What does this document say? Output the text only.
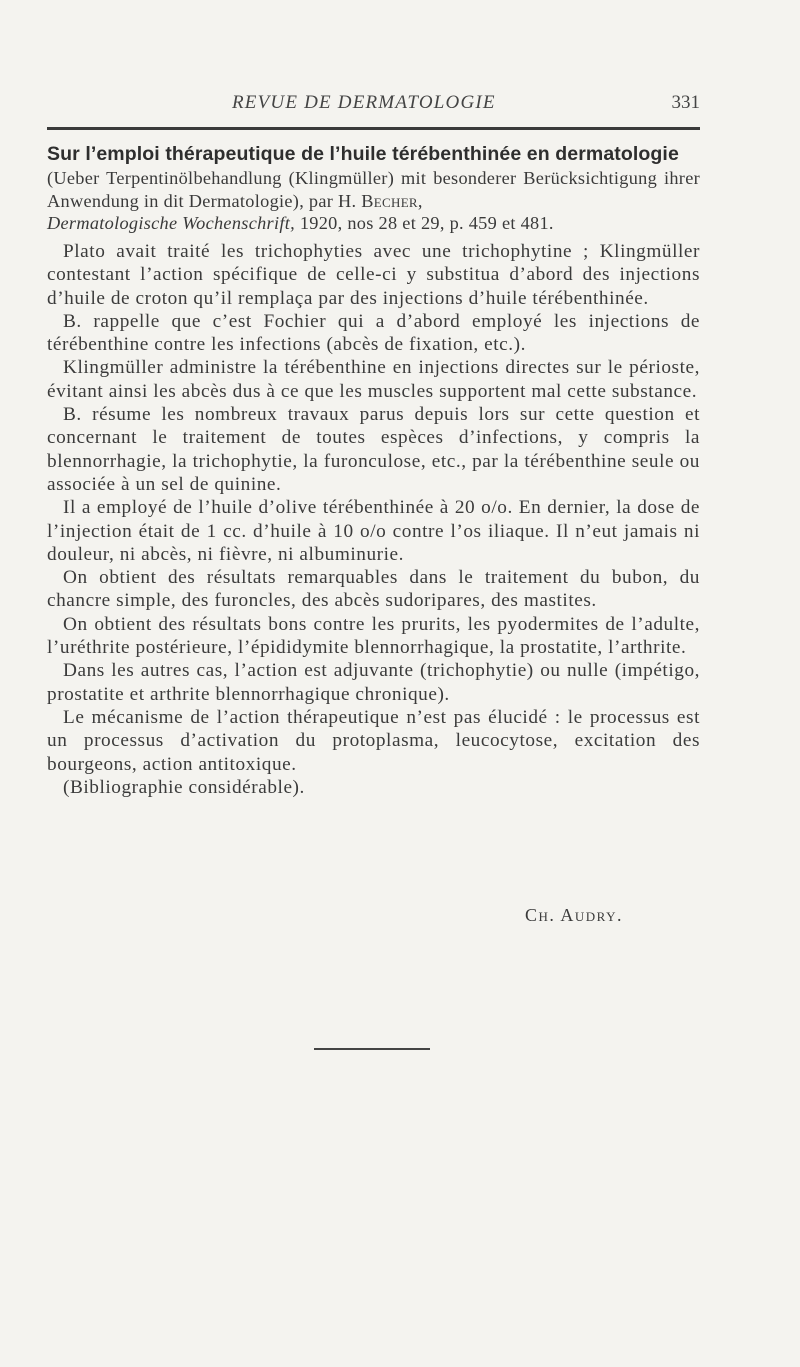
REVUE DE DERMATOLOGIE	331
Sur l’emploi thérapeutique de l’huile térébenthinée en dermatologie
(Ueber Terpentinölbehandlung (Klingmüller) mit besonderer Berücksichtigung ihrer Anwendung in dit Dermatologie), par H. Becher,
Dermatologische Wochenschrift, 1920, nos 28 et 29, p. 459 et 481.

Plato avait traité les trichophyties avec une trichophytine ; Klingmüller contestant l’action spécifique de celle-ci y substitua d’abord des injections d’huile de croton qu’il remplaça par des injections d’huile térébenthinée.

B. rappelle que c’est Fochier qui a d’abord employé les injections de térébenthine contre les infections (abcès de fixation, etc.).

Klingmüller administre la térébenthine en injections directes sur le périoste, évitant ainsi les abcès dus à ce que les muscles supportent mal cette substance.

B. résume les nombreux travaux parus depuis lors sur cette question et concernant le traitement de toutes espèces d’infections, y compris la blennorrhagie, la trichophytie, la furonculose, etc., par la térébenthine seule ou associée à un sel de quinine.

Il a employé de l’huile d’olive térébenthinée à 20 o/o. En dernier, la dose de l’injection était de 1 cc. d’huile à 10 o/o contre l’os iliaque. Il n’eut jamais ni douleur, ni abcès, ni fièvre, ni albuminurie.

On obtient des résultats remarquables dans le traitement du bubon, du chancre simple, des furoncles, des abcès sudoripares, des mastites.

On obtient des résultats bons contre les prurits, les pyodermites de l’adulte, l’uréthrite postérieure, l’épididymite blennorrhagique, la prostatite, l’arthrite.

Dans les autres cas, l’action est adjuvante (trichophytie) ou nulle (impétigo, prostatite et arthrite blennorrhagique chronique).

Le mécanisme de l’action thérapeutique n’est pas élucidé : le processus est un processus d’activation du protoplasma, leucocytose, excitation des bourgeons, action antitoxique.

(Bibliographie considérable).

Ch. Audry.
